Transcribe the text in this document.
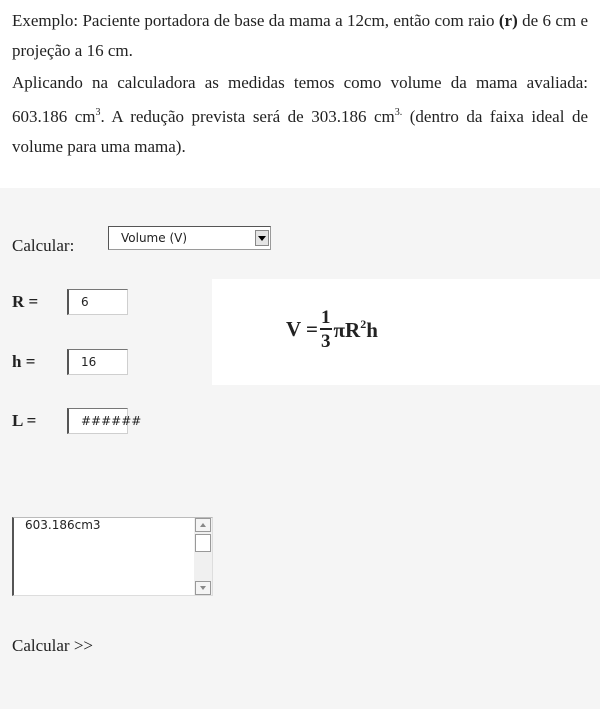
Exemplo: Paciente portadora de base da mama a 12cm, então com raio (r) de 6 cm e projeção a 16 cm.
Aplicando na calculadora as medidas temos como volume da mama avaliada: 603.186 $cm^3$. A redução prevista será de 303.186 $cm^{3.}$ (dentro da faixa ideal de volume para uma mama).
Calcular:	Volume (V)
R =	6
h =	16
L =	######
$V = \frac{1}{3} \pi R^2h$
603.186cm3
Calcular >>
